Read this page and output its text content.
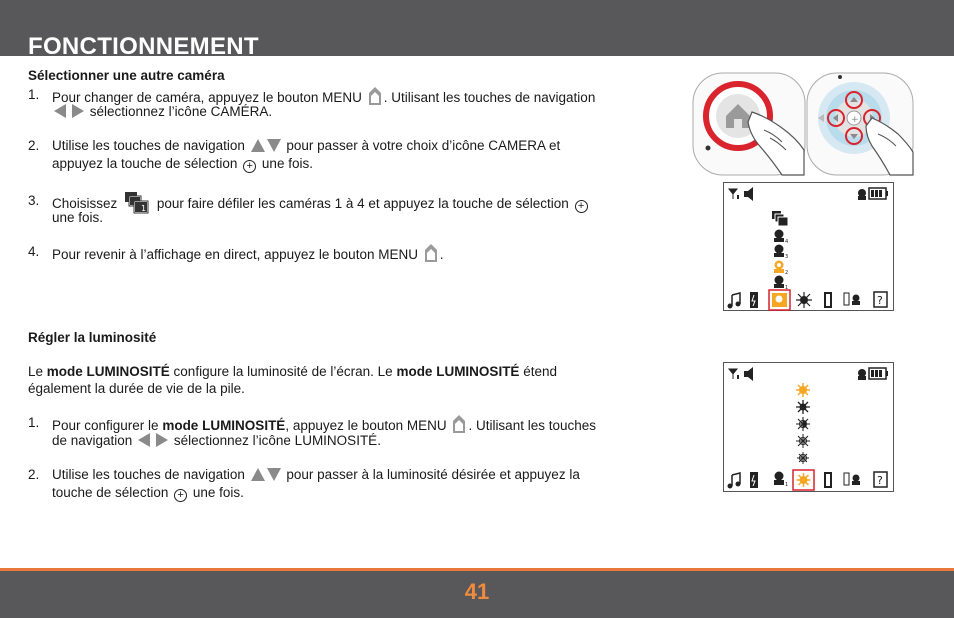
FONCTIONNEMENT
Sélectionner une autre caméra
1. Pour changer de caméra, appuyez le bouton MENU . Utilisant les touches de navigation
sélectionnez l’icône CAMÉRA.
2. Utilise les touches de navigation	pour passer à votre choix d’icône CAMERA et
appuyez la touche de sélection + une fois.
3. Choisissez	1 pour faire défiler les caméras 1 à 4 et appuyez la touche de sélection +
une fois.
4. Pour revenir à l’affichage en direct, appuyez le bouton MENU .
Régler la luminosité
Le mode LUMINOSITÉ configure la luminosité de l’écran. Le mode LUMINOSITÉ étend
également la durée de vie de la pile.
1. Pour configurer le mode LUMINOSITÉ, appuyez le bouton MENU . Utilisant les touches
de navigation	sélectionnez l’icône LUMINOSITÉ.
2. Utilise les touches de navigation	pour passer à la luminosité désirée et appuyez la
touche de sélection + une fois.
+
4
3
2
1
?
1	?
41
